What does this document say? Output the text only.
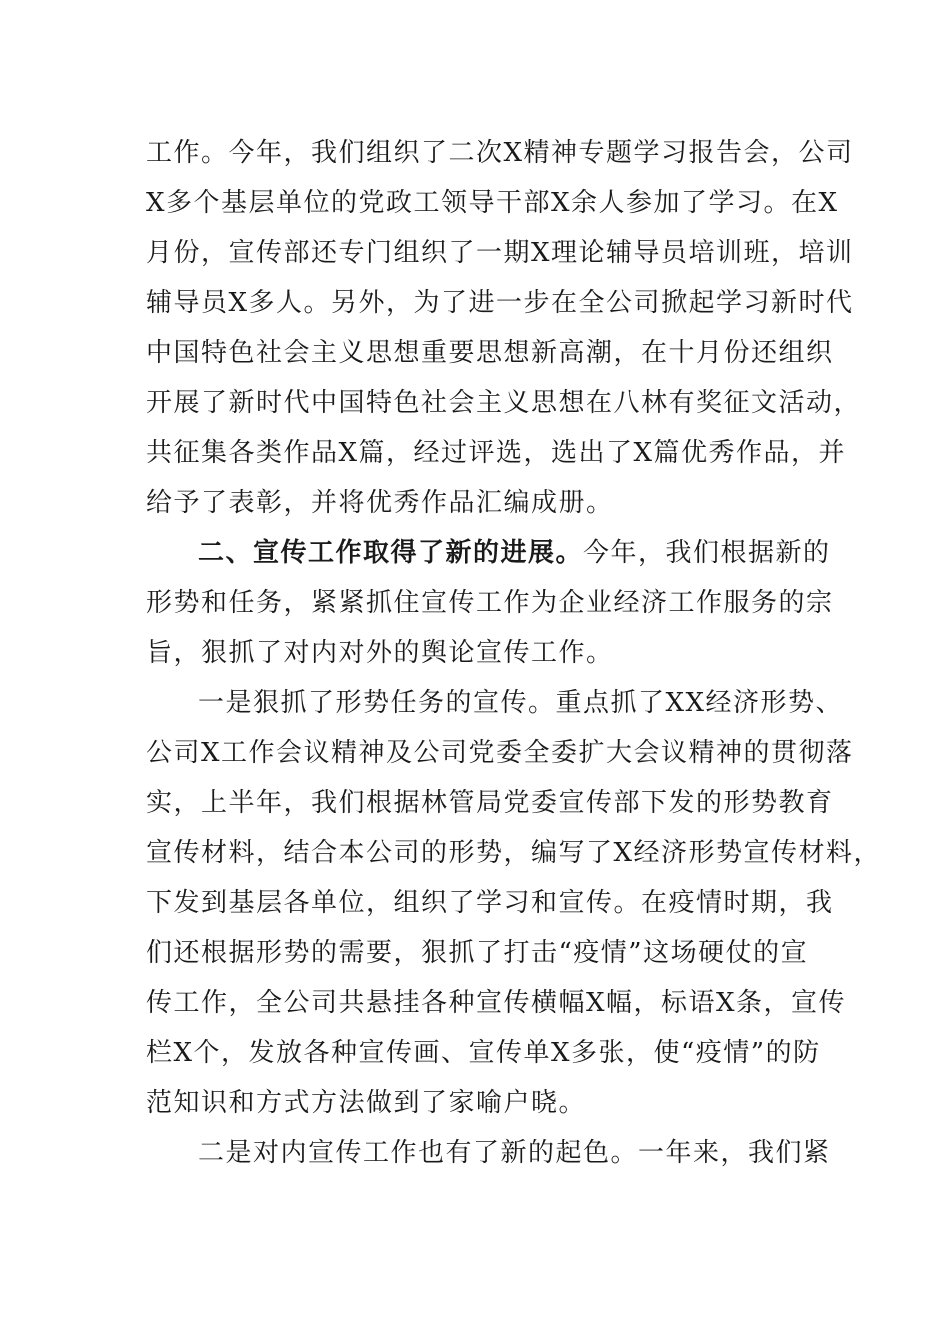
工作。今年，我们组织了二次X精神专题学习报告会，公司
X多个基层单位的党政工领导干部X余人参加了学习。在X
月份，宣传部还专门组织了一期X理论辅导员培训班，培训
辅导员X多人。另外，为了进一步在全公司掀起学习新时代
中国特色社会主义思想重要思想新高潮，在十月份还组织
开展了新时代中国特色社会主义思想在八林有奖征文活动，
共征集各类作品X篇，经过评选，选出了X篇优秀作品，并
给予了表彰，并将优秀作品汇编成册。
二、宣传工作取得了新的进展。今年，我们根据新的
形势和任务，紧紧抓住宣传工作为企业经济工作服务的宗
旨，狠抓了对内对外的舆论宣传工作。
一是狠抓了形势任务的宣传。重点抓了XX经济形势、
公司X工作会议精神及公司党委全委扩大会议精神的贯彻落
实，上半年，我们根据林管局党委宣传部下发的形势教育
宣传材料，结合本公司的形势，编写了X经济形势宣传材料，
下发到基层各单位，组织了学习和宣传。在疫情时期，我
们还根据形势的需要，狠抓了打击“疫情”这场硬仗的宣
传工作，全公司共悬挂各种宣传横幅X幅，标语X条，宣传
栏X个，发放各种宣传画、宣传单X多张，使“疫情”的防
范知识和方式方法做到了家喻户晓。
二是对内宣传工作也有了新的起色。一年来，我们紧
